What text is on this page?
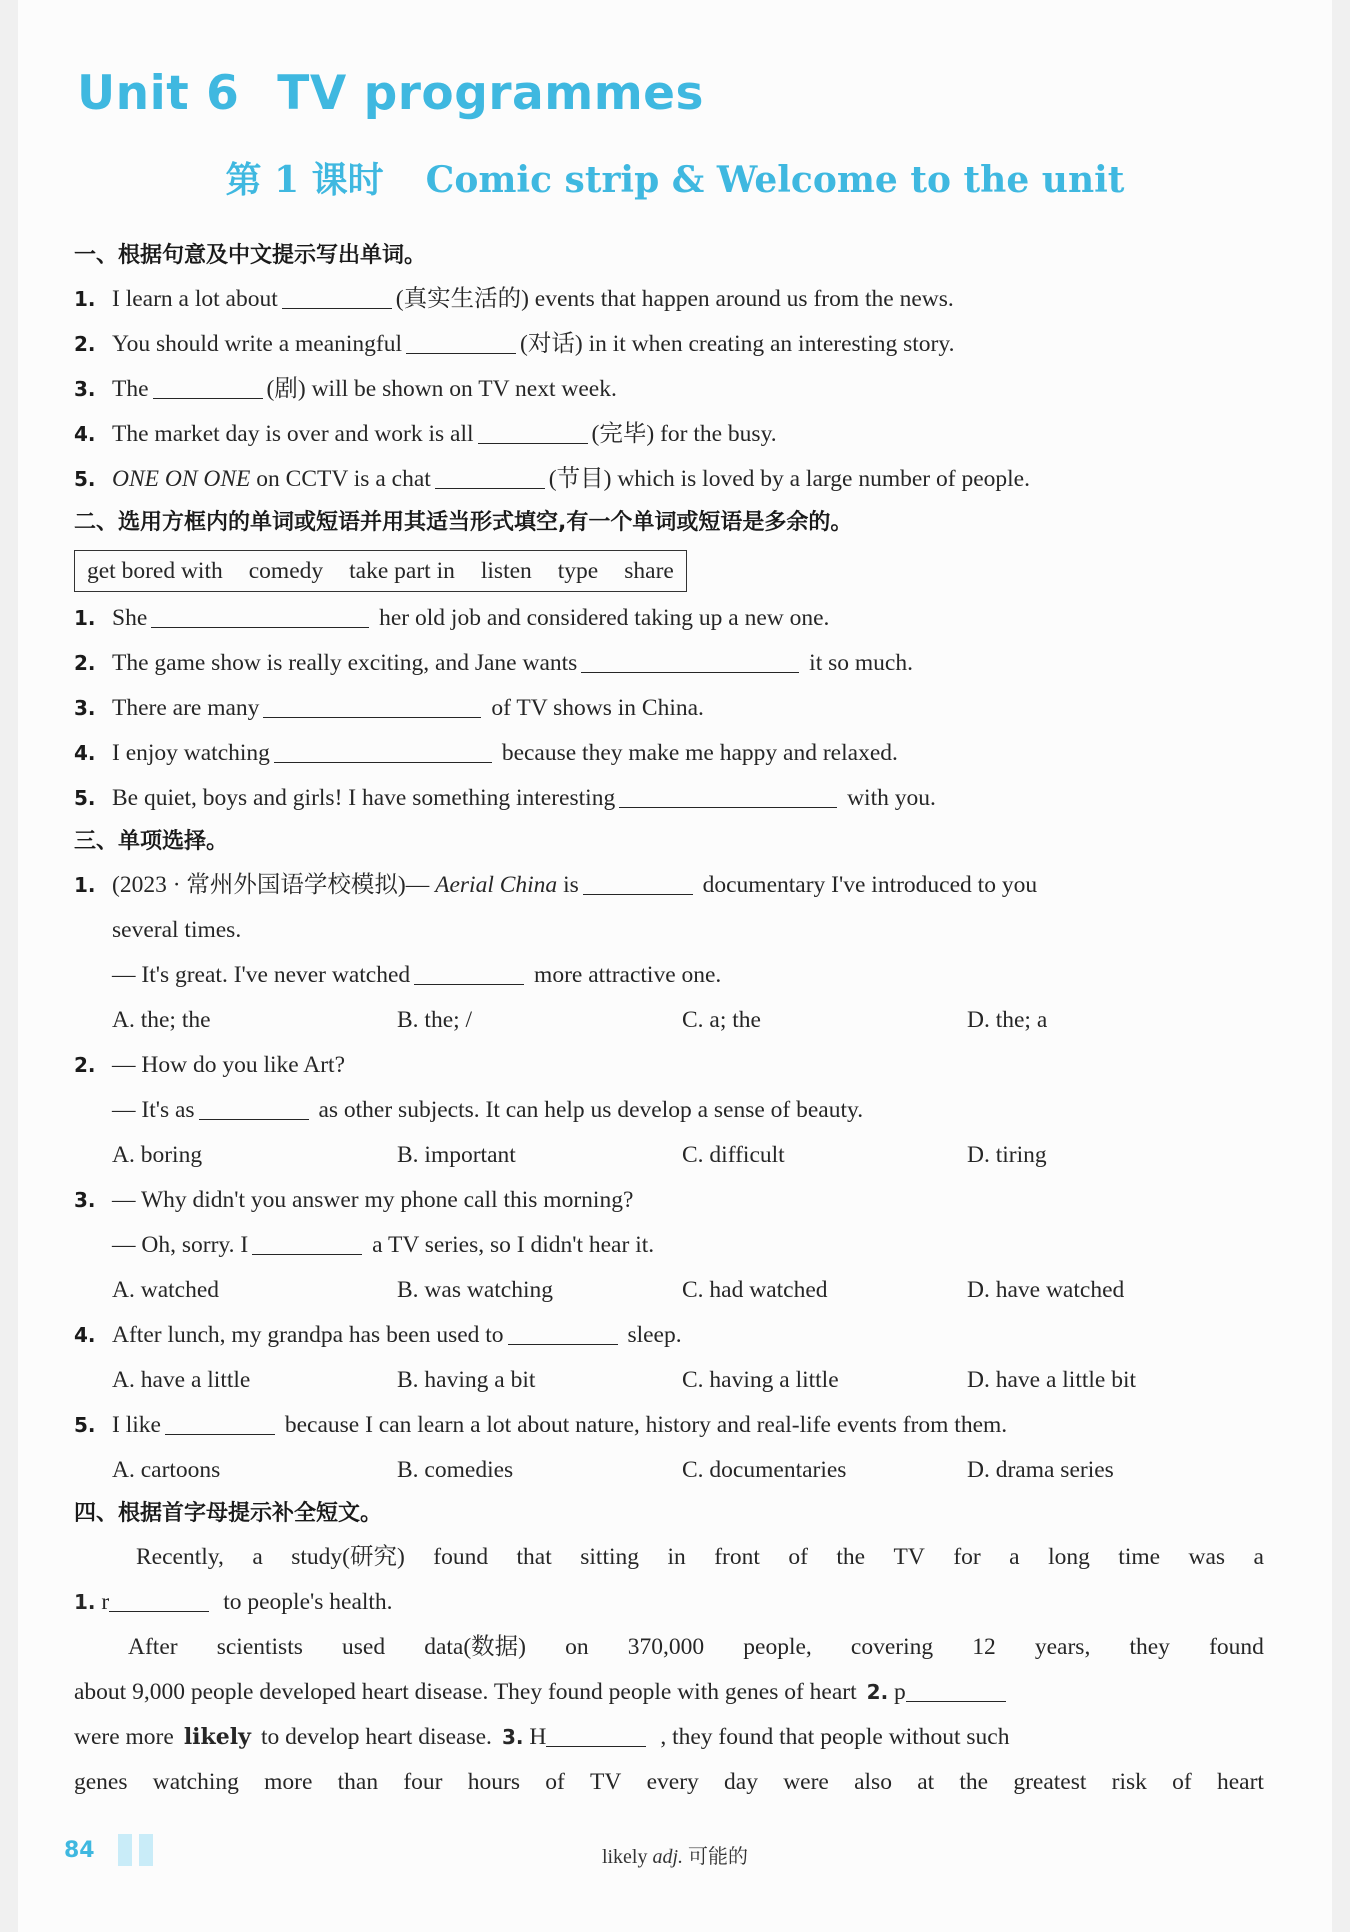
Unit 6 TV programmes
第 1 课时 Comic strip & Welcome to the unit
一、根据句意及中文提示写出单词。
1. I learn a lot about	(真实生活的) events that happen around us from the news.
2. You should write a meaningful	(对话) in it when creating an interesting story.
3. The	(剧) will be shown on TV next week.
4. The market day is over and work is all	(完毕) for the busy.
5. ONE ON ONE on CCTV is a chat	(节目) which is loved by a large number of people.
二、选用方框内的单词或短语并用其适当形式填空,有一个单词或短语是多余的。
get bored with comedy take part in listen type share
1. She	her old job and considered taking up a new one.
2. The game show is really exciting, and Jane wants	it so much.
3. There are many	of TV shows in China.
4. I enjoy watching	because they make me happy and relaxed.
5. Be quiet, boys and girls! I have something interesting	with you.
三、单项选择。
1. (2023 · 常州外国语学校模拟)— Aerial China is	documentary I've introduced to you
several times.
— It's great. I've never watched	more attractive one.
A. the; the	B. the; /	C. a; the	D. the; a
2. — How do you like Art?
— It's as	as other subjects. It can help us develop a sense of beauty.
A. boring	B. important	C. difficult	D. tiring
3. — Why didn't you answer my phone call this morning?
— Oh, sorry. I	a TV series, so I didn't hear it.
A. watched	B. was watching	C. had watched	D. have watched
4. After lunch, my grandpa has been used to	sleep.
A. have a little	B. having a bit	C. having a little	D. have a little bit
5. I like	because I can learn a lot about nature, history and real-life events from them.
A. cartoons	B. comedies	C. documentaries	D. drama series
四、根据首字母提示补全短文。
Recently, a study(研究) found that sitting in front of the TV for a long time was a
1. r	to people's health.
After scientists used data(数据) on 370,000 people, covering 12 years, they found
about 9,000 people developed heart disease. They found people with genes of heart 2. p
were more likely to develop heart disease. 3. H	, they found that people without such
genes watching more than four hours of TV every day were also at the greatest risk of heart
84	likely adj. 可能的
